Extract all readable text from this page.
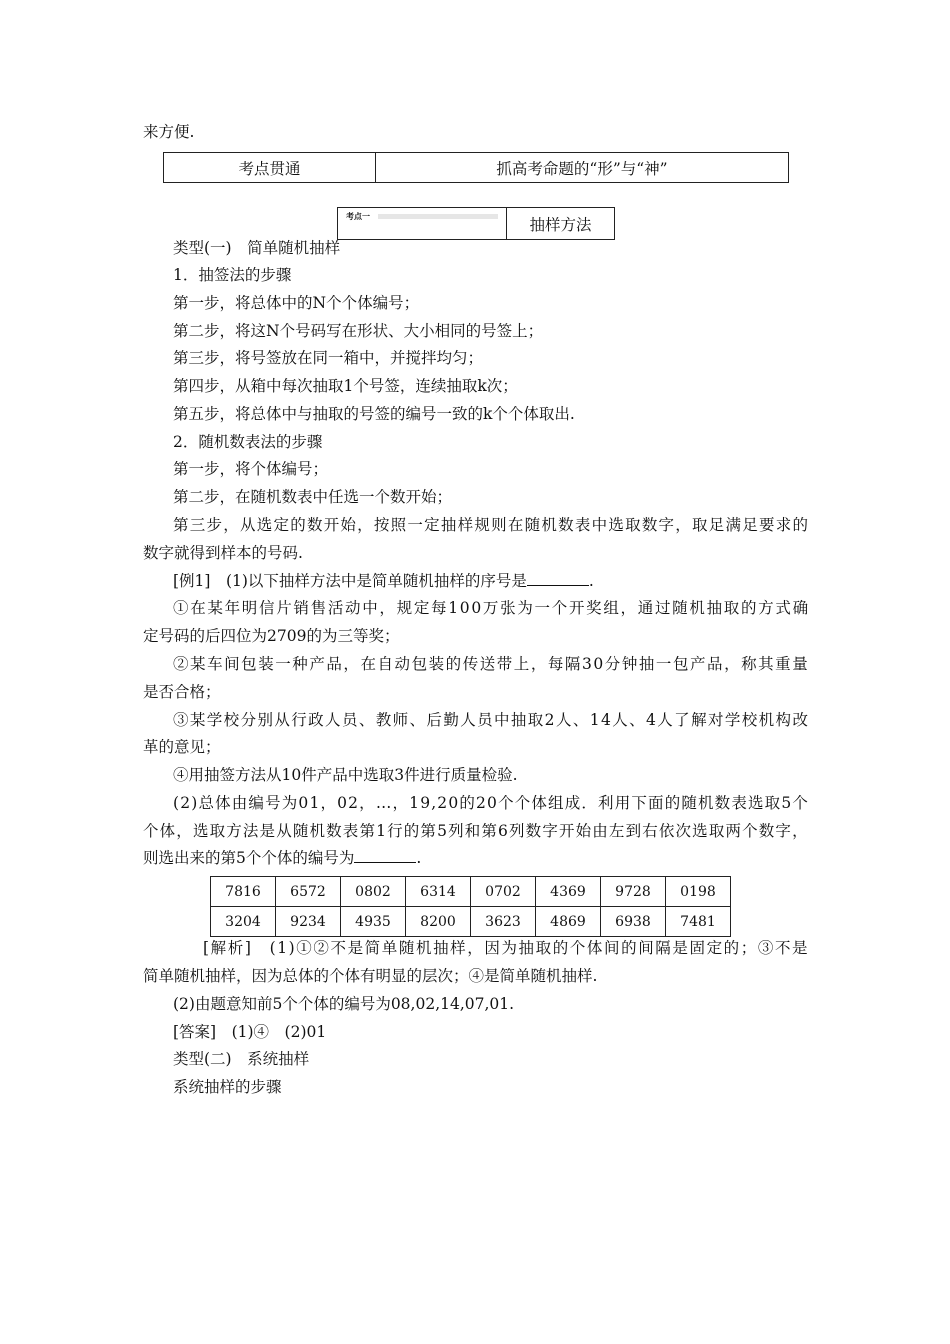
来方便.
考点贯通	抓高考命题的“形”与“神”
考点一	抽样方法
类型(一)　简单随机抽样
1．抽签法的步骤
第一步，将总体中的N个个体编号；
第二步，将这N个号码写在形状、大小相同的号签上；
第三步，将号签放在同一箱中，并搅拌均匀；
第四步，从箱中每次抽取1个号签，连续抽取k次；
第五步，将总体中与抽取的号签的编号一致的k个个体取出.
2．随机数表法的步骤
第一步，将个体编号；
第二步，在随机数表中任选一个数开始；
第三步，从选定的数开始，按照一定抽样规则在随机数表中选取数字，取足满足要求的
数字就得到样本的号码.
[例1]　(1)以下抽样方法中是简单随机抽样的序号是	.
①在某年明信片销售活动中，规定每100万张为一个开奖组，通过随机抽取的方式确
定号码的后四位为2709的为三等奖；
②某车间包装一种产品，在自动包装的传送带上，每隔30分钟抽一包产品，称其重量
是否合格；
③某学校分别从行政人员、教师、后勤人员中抽取2人、14人、4人了解对学校机构改
革的意见；
④用抽签方法从10件产品中选取3件进行质量检验.
(2)总体由编号为01，02，…，19,20的20个个体组成．利用下面的随机数表选取5个
个体，选取方法是从随机数表第1行的第5列和第6列数字开始由左到右依次选取两个数字，
则选出来的第5个个体的编号为	.
7816	6572	0802	6314	0702	4369	9728	0198
3204	9234	4935	8200	3623	4869	6938	7481
[解析]　(1)①②不是简单随机抽样，因为抽取的个体间的间隔是固定的；③不是
简单随机抽样，因为总体的个体有明显的层次；④是简单随机抽样.
(2)由题意知前5个个体的编号为08,02,14,07,01.
[答案]　(1)④　(2)01
类型(二)　系统抽样
系统抽样的步骤
